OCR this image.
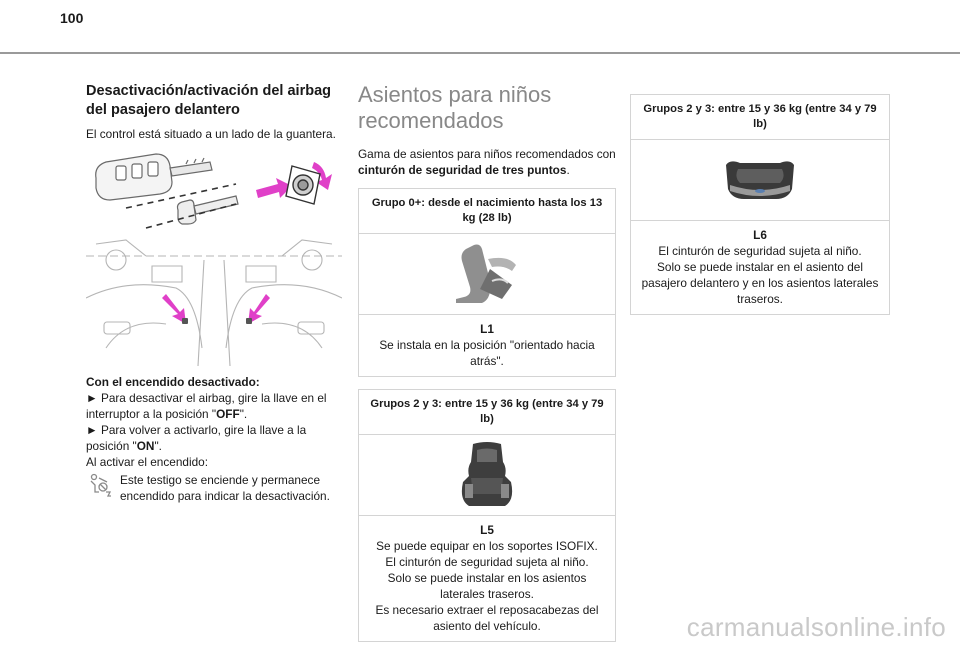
100
Desactivación/activación del airbag del pasajero delantero

El control está situado a un lado de la guantera.

Con el encendido desactivado:

► Para desactivar el airbag, gire la llave en el interruptor a la posición "OFF".

► Para volver a activarlo, gire la llave a la posición "ON".

Al activar el encendido:

Este testigo se enciende y permanece encendido para indicar la desactivación.

Asientos para niños recomendados

Gama de asientos para niños recomendados con cinturón de seguridad de tres puntos.

Grupo 0+: desde el nacimiento hasta los 13 kg (28 lb)
L1
Se instala en la posición "orientado hacia atrás".
Grupos 2 y 3: entre 15 y 36 kg (entre 34 y 79 lb)
L5
Se puede equipar en los soportes ISOFIX.
El cinturón de seguridad sujeta al niño.
Solo se puede instalar en los asientos laterales traseros.
Es necesario extraer el reposacabezas del asiento del vehículo.
Grupos 2 y 3: entre 15 y 36 kg (entre 34 y 79 lb)
L6
El cinturón de seguridad sujeta al niño.
Solo se puede instalar en el asiento del pasajero delantero y en los asientos laterales traseros.
carmanualsonline.info
